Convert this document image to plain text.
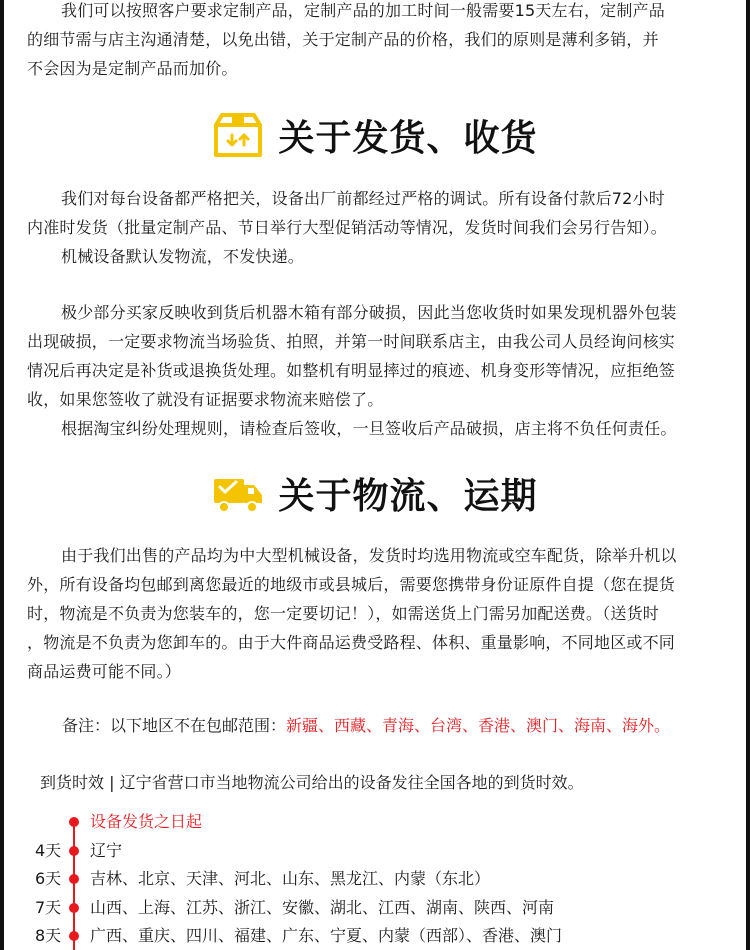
我们可以按照客户要求定制产品，定制产品的加工时间一般需要15天左右，定制产品
的细节需与店主沟通清楚，以免出错，关于定制产品的价格，我们的原则是薄利多销，并
不会因为是定制产品而加价。
关于发货、收货
我们对每台设备都严格把关，设备出厂前都经过严格的调试。所有设备付款后72小时
内准时发货（批量定制产品、节日举行大型促销活动等情况，发货时间我们会另行告知）。
机械设备默认发物流，不发快递。
极少部分买家反映收到货后机器木箱有部分破损，因此当您收货时如果发现机器外包装
出现破损，一定要求物流当场验货、拍照，并第一时间联系店主，由我公司人员经询问核实
情况后再决定是补货或退换货处理。如整机有明显摔过的痕迹、机身变形等情况，应拒绝签
收，如果您签收了就没有证据要求物流来赔偿了。
根据淘宝纠纷处理规则，请检查后签收，一旦签收后产品破损，店主将不负任何责任。
关于物流、运期
由于我们出售的产品均为中大型机械设备，发货时均选用物流或空车配货，除举升机以
外，所有设备均包邮到离您最近的地级市或县城后，需要您携带身份证原件自提（您在提货
时，物流是不负责为您装车的，您一定要切记！），如需送货上门需另加配送费。（送货时
，物流是不负责为您卸车的。由于大件商品运费受路程、体积、重量影响，不同地区或不同
商品运费可能不同。）
备注：以下地区不在包邮范围：新疆、西藏、青海、台湾、香港、澳门、海南、海外。
到货时效 | 辽宁省营口市当地物流公司给出的设备发往全国各地的到货时效。
设备发货之日起
4天	辽宁
6天	吉林、北京、天津、河北、山东、黑龙江、内蒙（东北）
7天	山西、上海、江苏、浙江、安徽、湖北、江西、湖南、陕西、河南
8天	广西、重庆、四川、福建、广东、宁夏、内蒙（西部）、香港、澳门
